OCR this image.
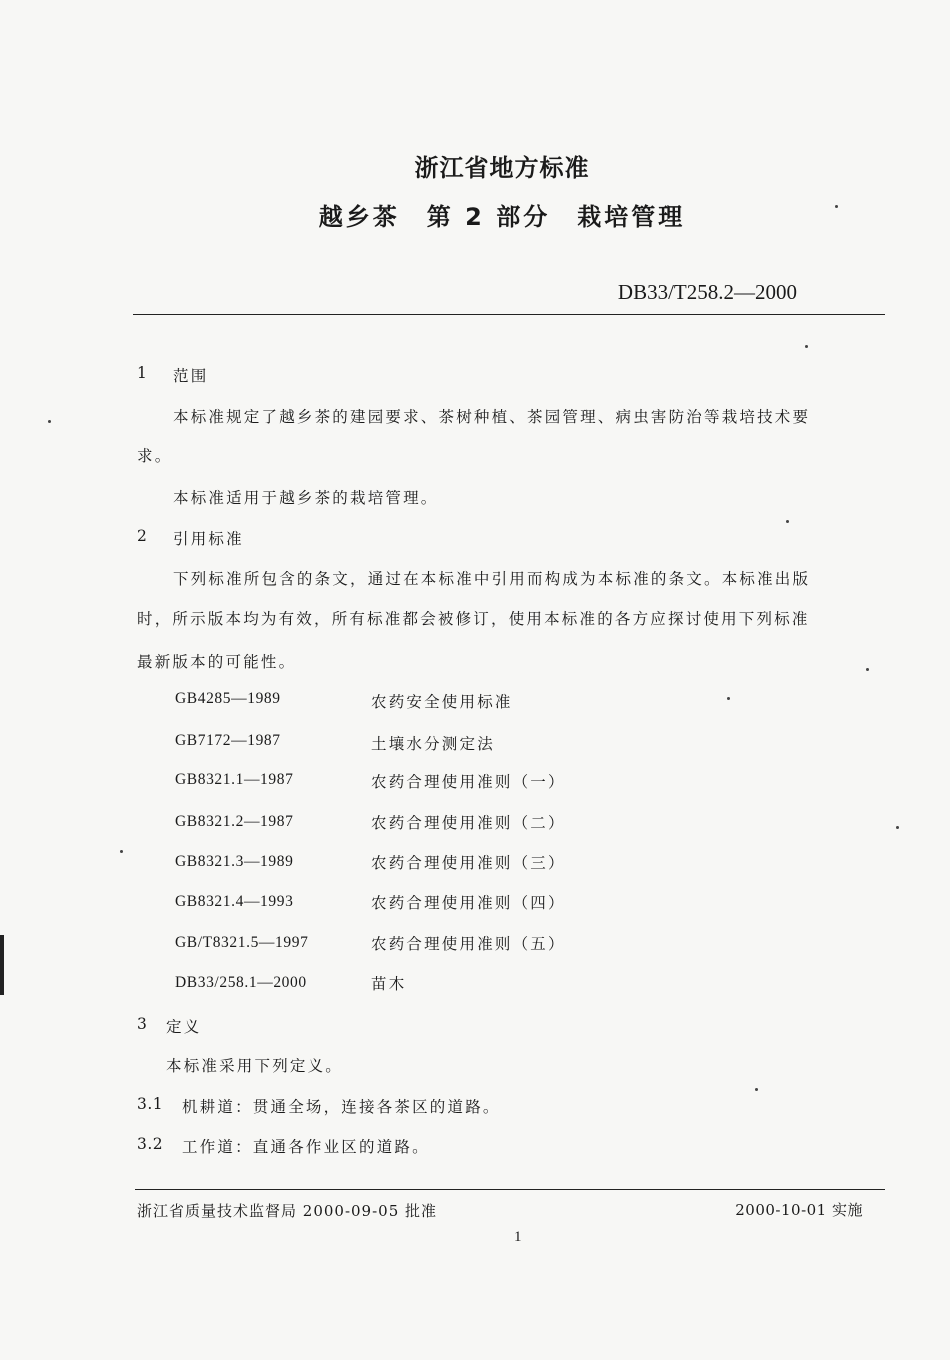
浙江省地方标准
越乡茶　第 2 部分　栽培管理
DB33/T258.2—2000
1 范围
本标准规定了越乡茶的建园要求、茶树种植、茶园管理、病虫害防治等栽培技术要
求。
本标准适用于越乡茶的栽培管理。
2 引用标准
下列标准所包含的条文，通过在本标准中引用而构成为本标准的条文。本标准出版
时，所示版本均为有效，所有标准都会被修订，使用本标准的各方应探讨使用下列标准
最新版本的可能性。
GB4285—1989	农药安全使用标准
GB7172—1987	土壤水分测定法
GB8321.1—1987	农药合理使用准则（一）
GB8321.2—1987	农药合理使用准则（二）
GB8321.3—1989	农药合理使用准则（三）
GB8321.4—1993	农药合理使用准则（四）
GB/T8321.5—1997	农药合理使用准则（五）
DB33/258.1—2000	苗木
3 定义
本标准采用下列定义。
3.1 机耕道：贯通全场，连接各茶区的道路。
3.2 工作道：直通各作业区的道路。
浙江省质量技术监督局 2000-09-05 批准	2000-10-01 实施
1
